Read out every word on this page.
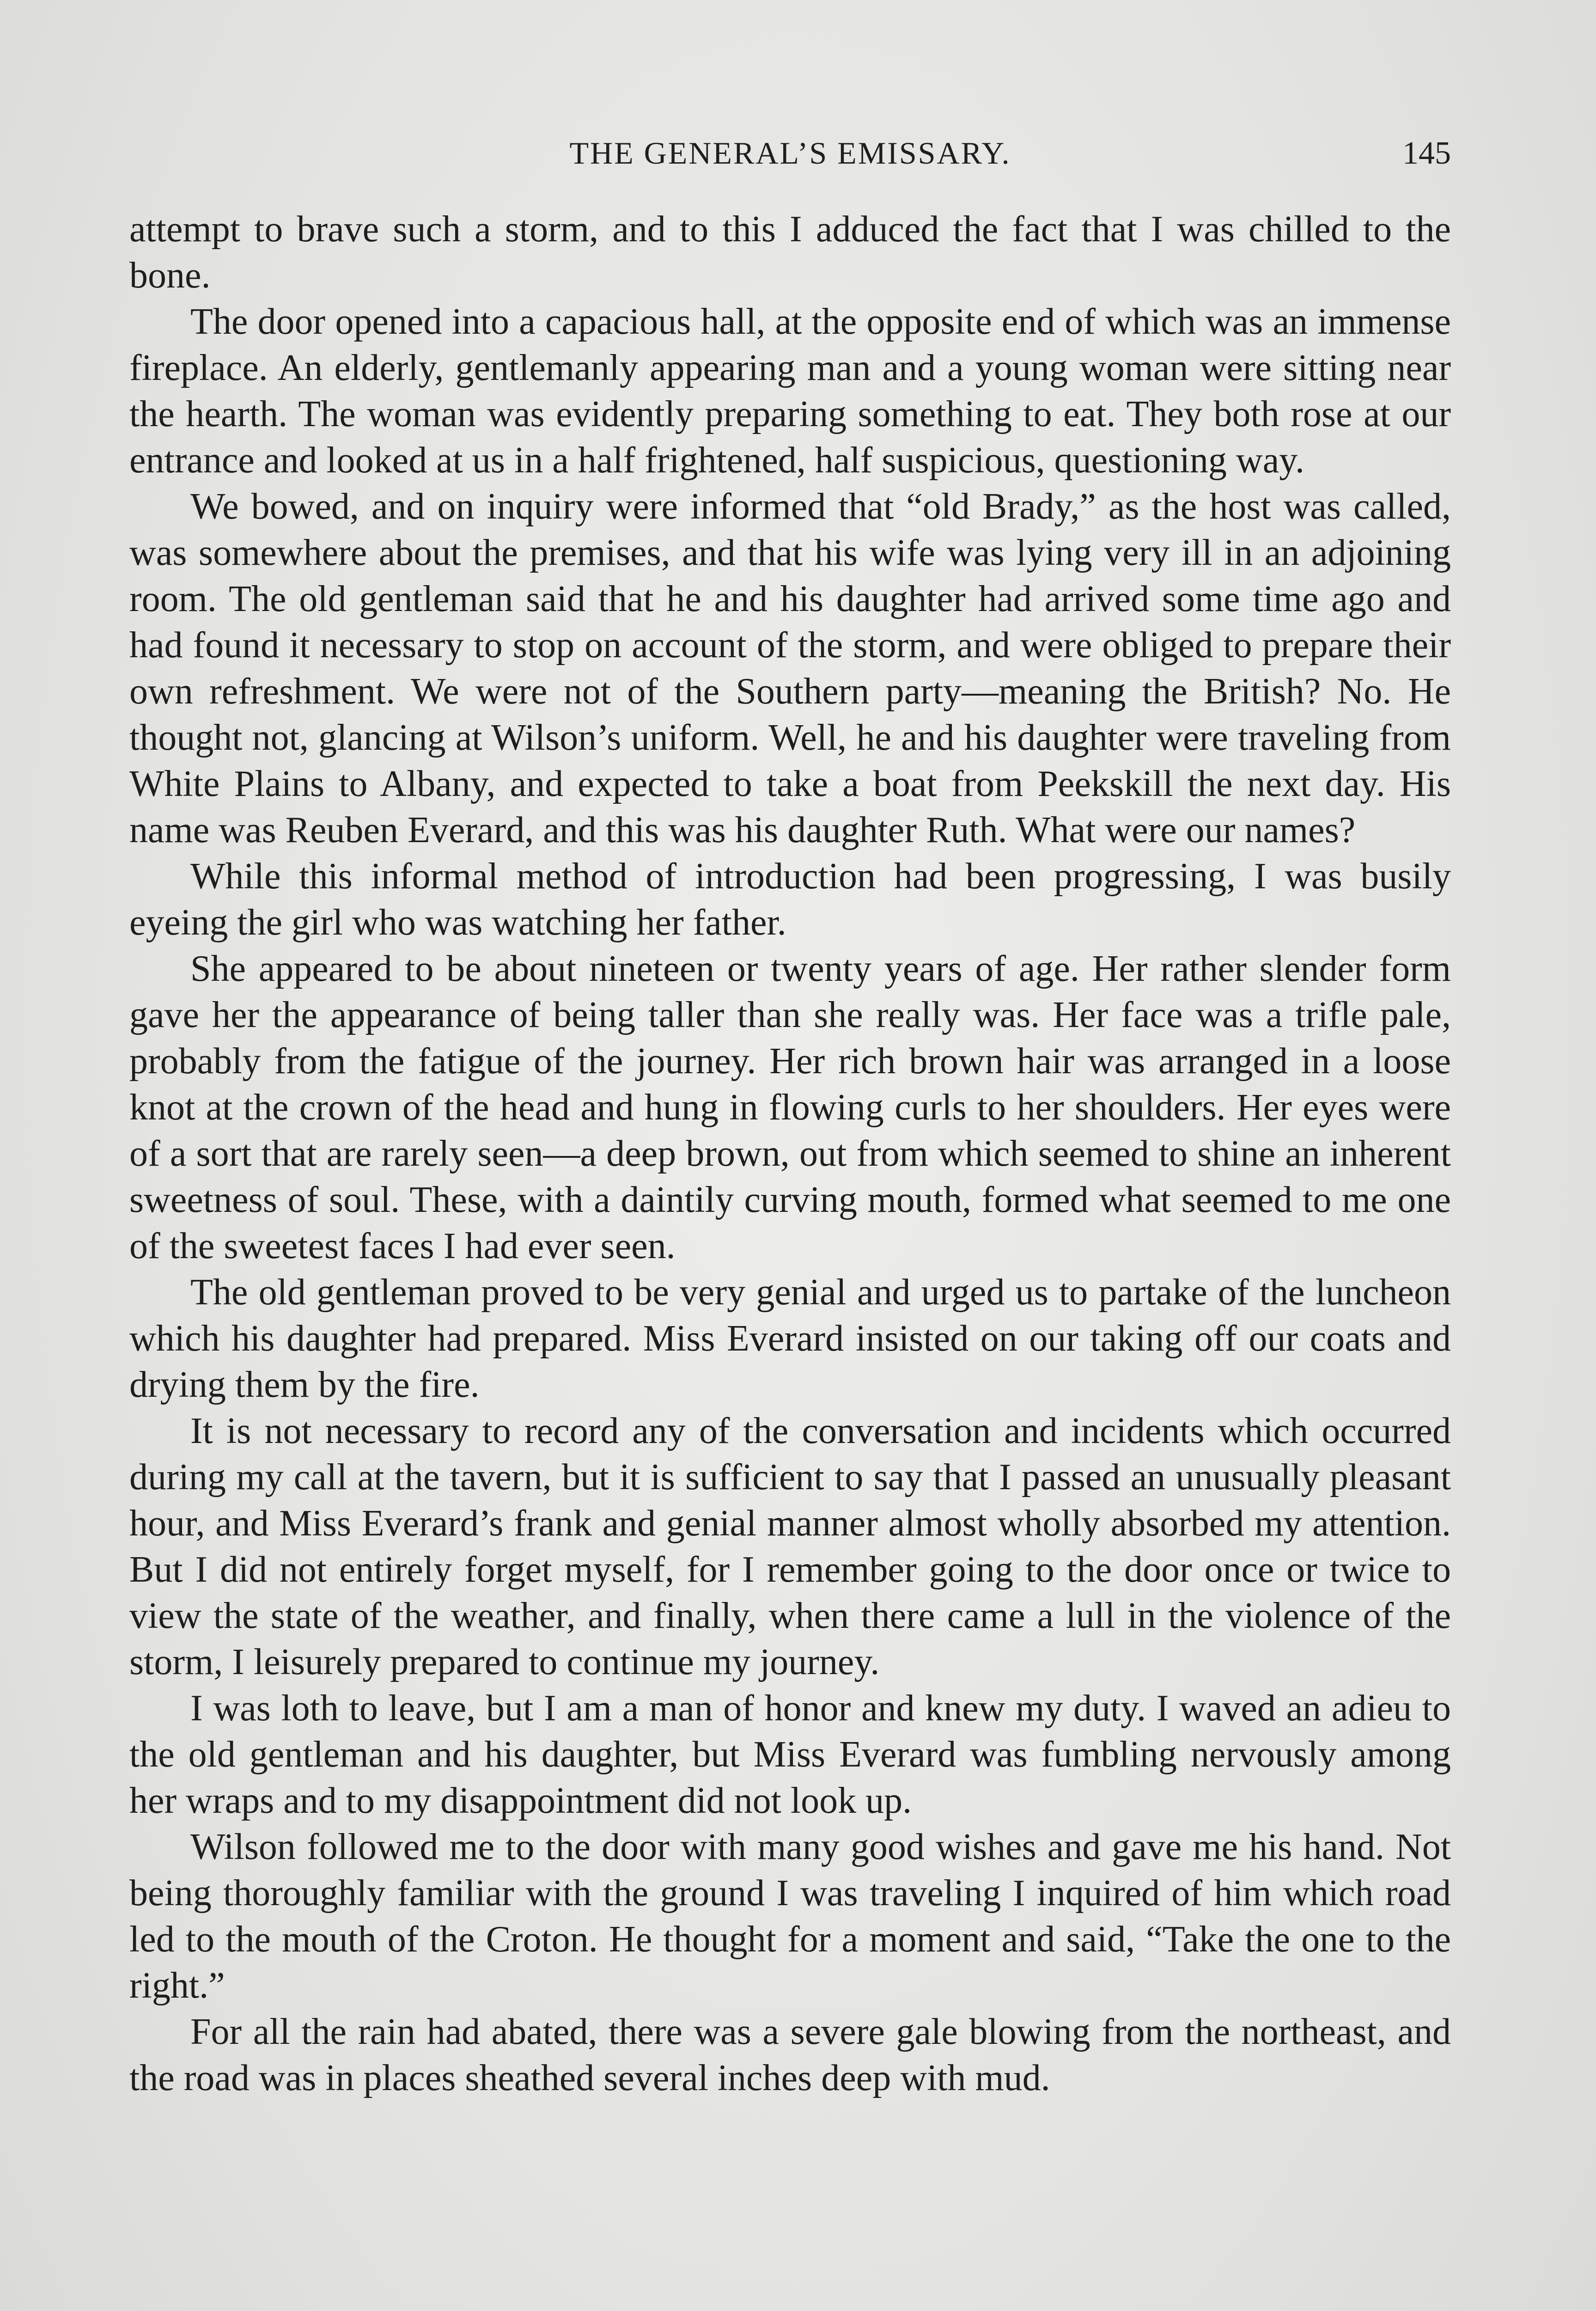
THE GENERAL’S EMISSARY.	145

attempt to brave such a storm, and to this I adduced the fact that I was chilled to the bone.

The door opened into a capacious hall, at the opposite end of which was an immense fireplace. An elderly, gentlemanly appearing man and a young woman were sitting near the hearth. The woman was evidently preparing something to eat. They both rose at our entrance and looked at us in a half frightened, half suspicious, questioning way.

We bowed, and on inquiry were informed that “old Brady,” as the host was called, was somewhere about the premises, and that his wife was lying very ill in an adjoining room. The old gentleman said that he and his daughter had arrived some time ago and had found it necessary to stop on account of the storm, and were obliged to prepare their own refreshment. We were not of the Southern party—meaning the British? No. He thought not, glancing at Wilson’s uniform. Well, he and his daughter were traveling from White Plains to Albany, and expected to take a boat from Peekskill the next day. His name was Reuben Everard, and this was his daughter Ruth. What were our names?

While this informal method of introduction had been progressing, I was busily eyeing the girl who was watching her father.

She appeared to be about nineteen or twenty years of age. Her rather slender form gave her the appearance of being taller than she really was. Her face was a trifle pale, probably from the fatigue of the journey. Her rich brown hair was arranged in a loose knot at the crown of the head and hung in flowing curls to her shoulders. Her eyes were of a sort that are rarely seen—a deep brown, out from which seemed to shine an inherent sweetness of soul. These, with a daintily curving mouth, formed what seemed to me one of the sweetest faces I had ever seen.

The old gentleman proved to be very genial and urged us to partake of the luncheon which his daughter had prepared. Miss Everard insisted on our taking off our coats and drying them by the fire.

It is not necessary to record any of the conversation and incidents which occurred during my call at the tavern, but it is sufficient to say that I passed an unusually pleasant hour, and Miss Everard’s frank and genial manner almost wholly absorbed my attention. But I did not entirely forget myself, for I remember going to the door once or twice to view the state of the weather, and finally, when there came a lull in the violence of the storm, I leisurely prepared to continue my journey.

I was loth to leave, but I am a man of honor and knew my duty. I waved an adieu to the old gentleman and his daughter, but Miss Everard was fumbling nervously among her wraps and to my disappointment did not look up.

Wilson followed me to the door with many good wishes and gave me his hand. Not being thoroughly familiar with the ground I was traveling I inquired of him which road led to the mouth of the Croton. He thought for a moment and said, “Take the one to the right.”

For all the rain had abated, there was a severe gale blowing from the northeast, and the road was in places sheathed several inches deep with mud.
